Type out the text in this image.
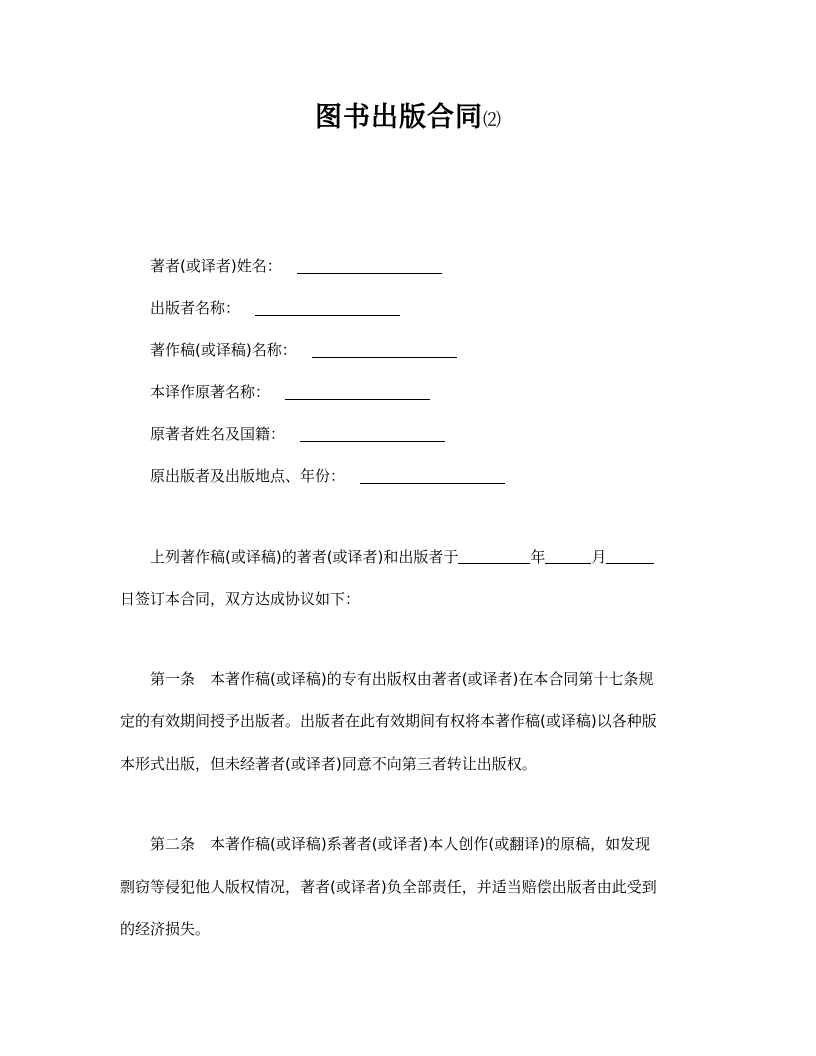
图书出版合同⑵
著者(或译者)姓名：
出版者名称：
著作稿(或译稿)名称：
本译作原著名称：
原著者姓名及国籍：
原出版者及出版地点、年份：
上列著作稿(或译稿)的著者(或译者)和出版者于	年	月
日签订本合同，双方达成协议如下：
第一条　本著作稿(或译稿)的专有出版权由著者(或译者)在本合同第十七条规
定的有效期间授予出版者。出版者在此有效期间有权将本著作稿(或译稿)以各种版
本形式出版，但未经著者(或译者)同意不向第三者转让出版权。
第二条　本著作稿(或译稿)系著者(或译者)本人创作(或翻译)的原稿，如发现
剽窃等侵犯他人版权情况，著者(或译者)负全部责任，并适当赔偿出版者由此受到
的经济损失。
